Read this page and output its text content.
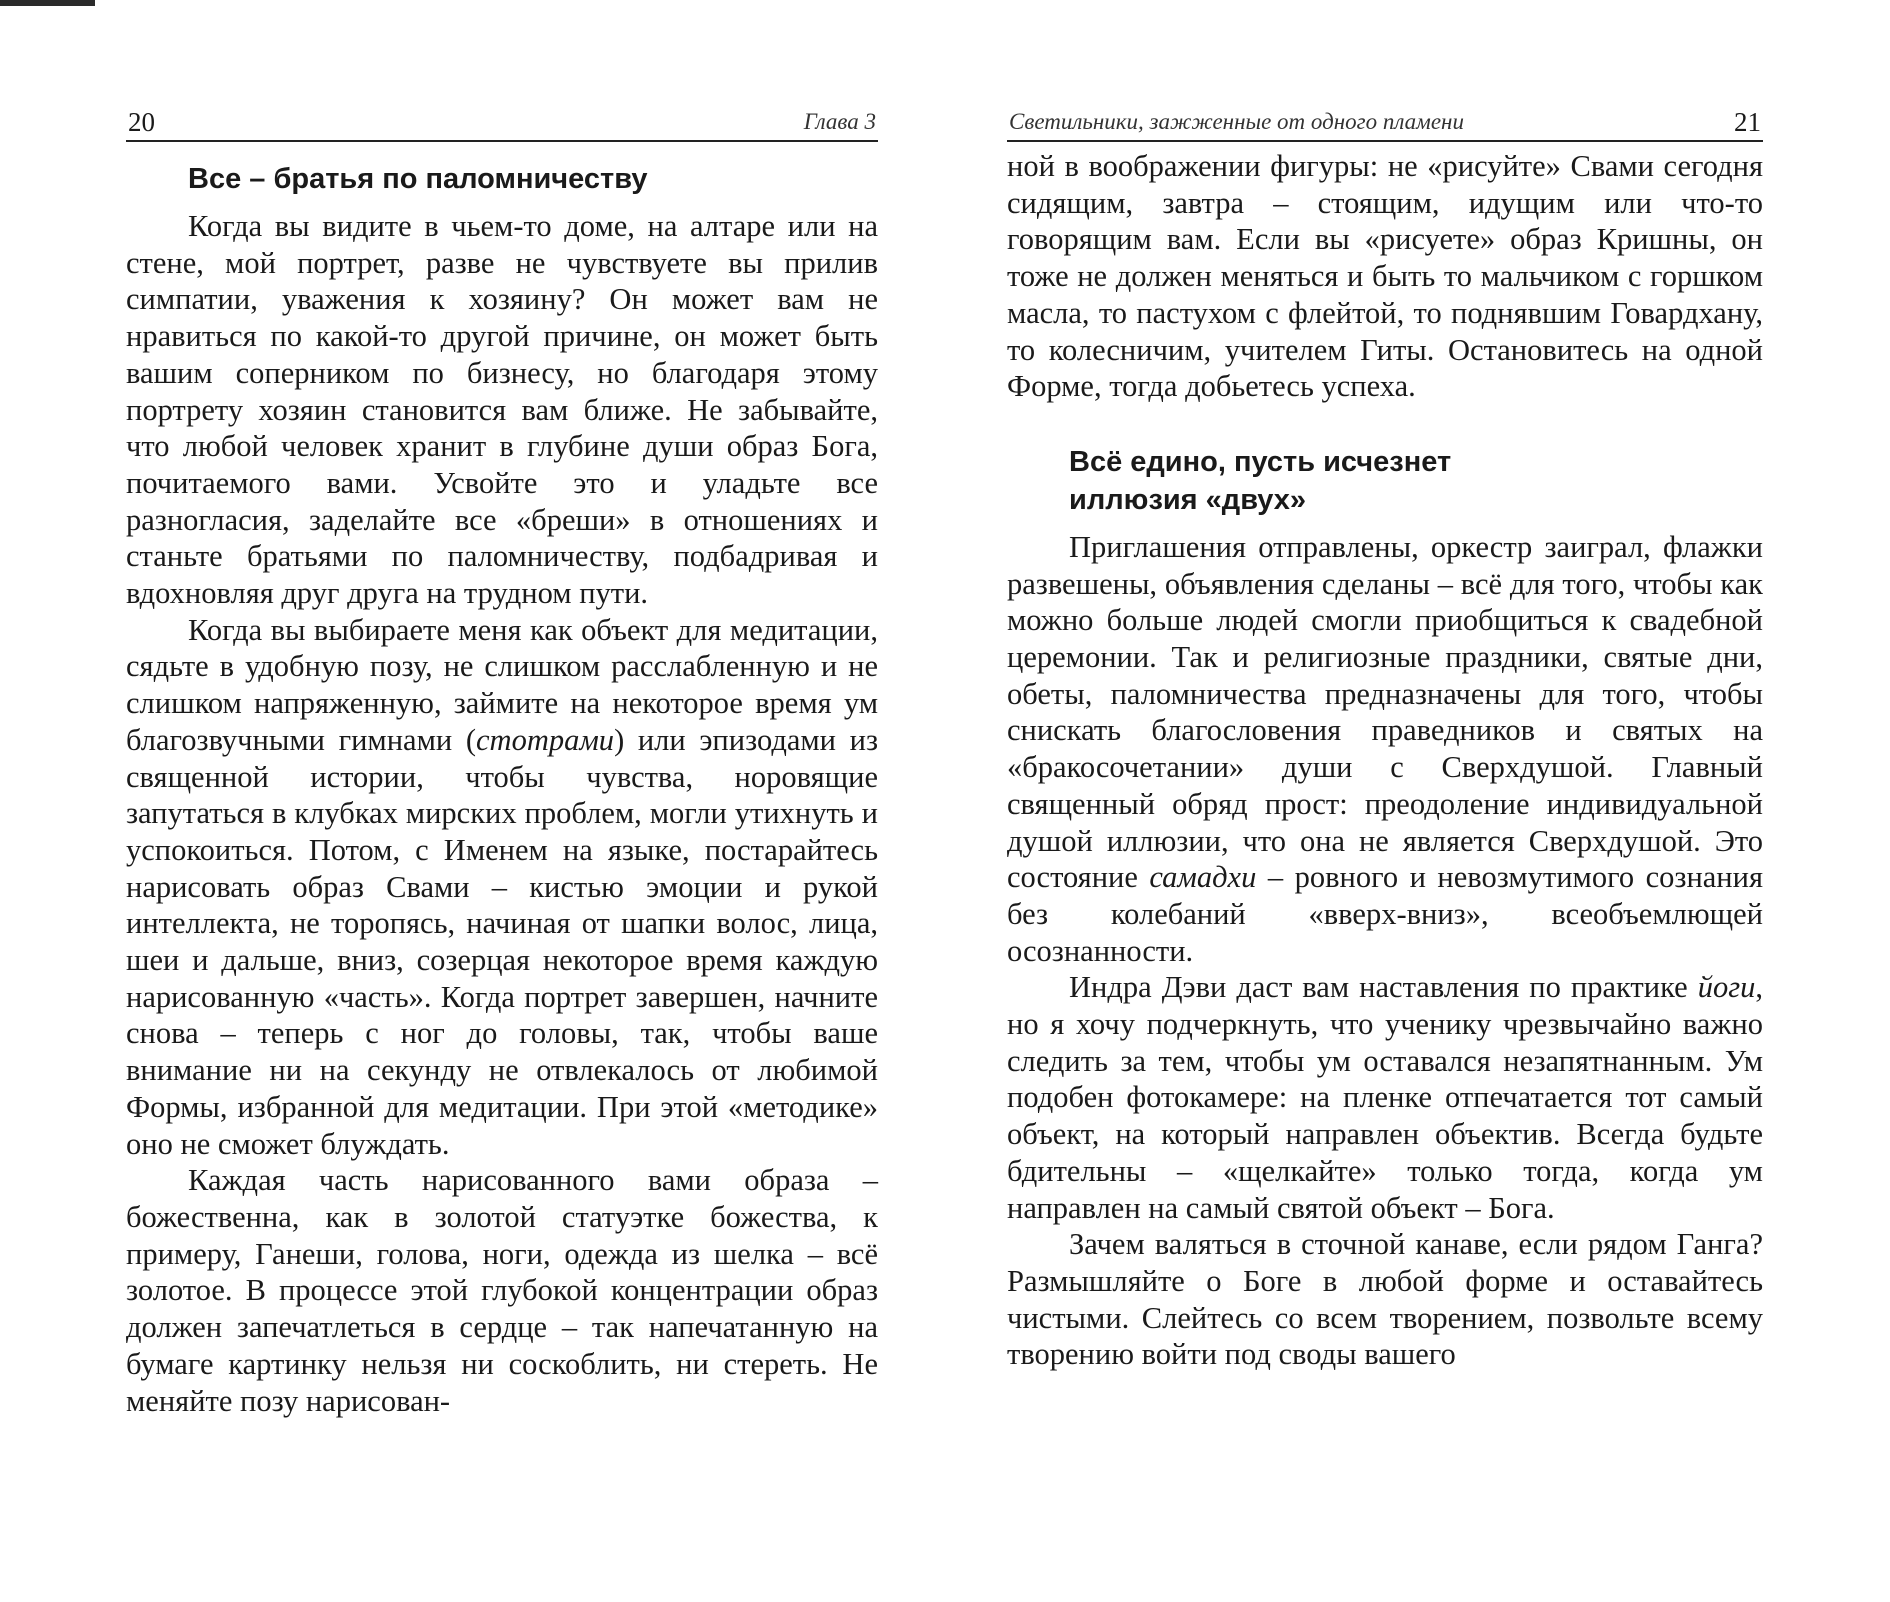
20	Глава 3
Все – братья по паломничеству

Когда вы видите в чьем-то доме, на алтаре или на стене, мой портрет, разве не чувствуете вы прилив симпатии, уважения к хозяину? Он может вам не нравиться по какой-то другой причине, он может быть вашим соперником по бизнесу, но благодаря этому портрету хозяин становится вам ближе. Не забывайте, что любой человек хранит в глубине души образ Бога, почитаемого вами. Усвойте это и уладьте все разногласия, заделайте все «бреши» в отношениях и станьте братьями по паломничеству, подбадривая и вдохновляя друг друга на трудном пути.

Когда вы выбираете меня как объект для медитации, сядьте в удобную позу, не слишком расслабленную и не слишком напряженную, займите на некоторое время ум благозвучными гимнами (стотрами) или эпизодами из священной истории, чтобы чувства, норовящие запутаться в клубках мирских проблем, могли утихнуть и успокоиться. Потом, с Именем на языке, постарайтесь нарисовать образ Свами – кистью эмоции и рукой интеллекта, не торопясь, начиная от шапки волос, лица, шеи и дальше, вниз, созерцая некоторое время каждую нарисованную «часть». Когда портрет завершен, начните снова – теперь с ног до головы, так, чтобы ваше внимание ни на секунду не отвлекалось от любимой Формы, избранной для медитации. При этой «методике» оно не сможет блуждать.

Каждая часть нарисованного вами образа – божественна, как в золотой статуэтке божества, к примеру, Ганеши, голова, ноги, одежда из шелка – всё золотое. В процессе этой глубокой концентрации образ должен запечатлеться в сердце – так напечатанную на бумаге картинку нельзя ни соскоблить, ни стереть. Не меняйте позу нарисован-

Светильники, зажженные от одного пламени	21

ной в воображении фигуры: не «рисуйте» Свами сегодня сидящим, завтра – стоящим, идущим или что-то говорящим вам. Если вы «рисуете» образ Кришны, он тоже не должен меняться и быть то мальчиком с горшком масла, то пастухом с флейтой, то поднявшим Говардхану, то колесничим, учителем Гиты. Остановитесь на одной Форме, тогда добьетесь успеха.

Всё едино, пусть исчезнет
иллюзия «двух»

Приглашения отправлены, оркестр заиграл, флажки развешены, объявления сделаны – всё для того, чтобы как можно больше людей смогли приобщиться к свадебной церемонии. Так и религиозные праздники, святые дни, обеты, паломничества предназначены для того, чтобы снискать благословения праведников и святых на «бракосочетании» души с Сверхдушой. Главный священный обряд прост: преодоление индивидуальной душой иллюзии, что она не является Сверхдушой. Это состояние самадхи – ровного и невозмутимого сознания без колебаний «вверх-вниз», всеобъемлющей осознанности.

Индра Дэви даст вам наставления по практике йоги, но я хочу подчеркнуть, что ученику чрезвычайно важно следить за тем, чтобы ум оставался незапятнанным. Ум подобен фотокамере: на пленке отпечатается тот самый объект, на который направлен объектив. Всегда будьте бдительны – «щелкайте» только тогда, когда ум направлен на самый святой объект – Бога.

Зачем валяться в сточной канаве, если рядом Ганга? Размышляйте о Боге в любой форме и оставайтесь чистыми. Слейтесь со всем творением, позвольте всему творению войти под своды вашего
